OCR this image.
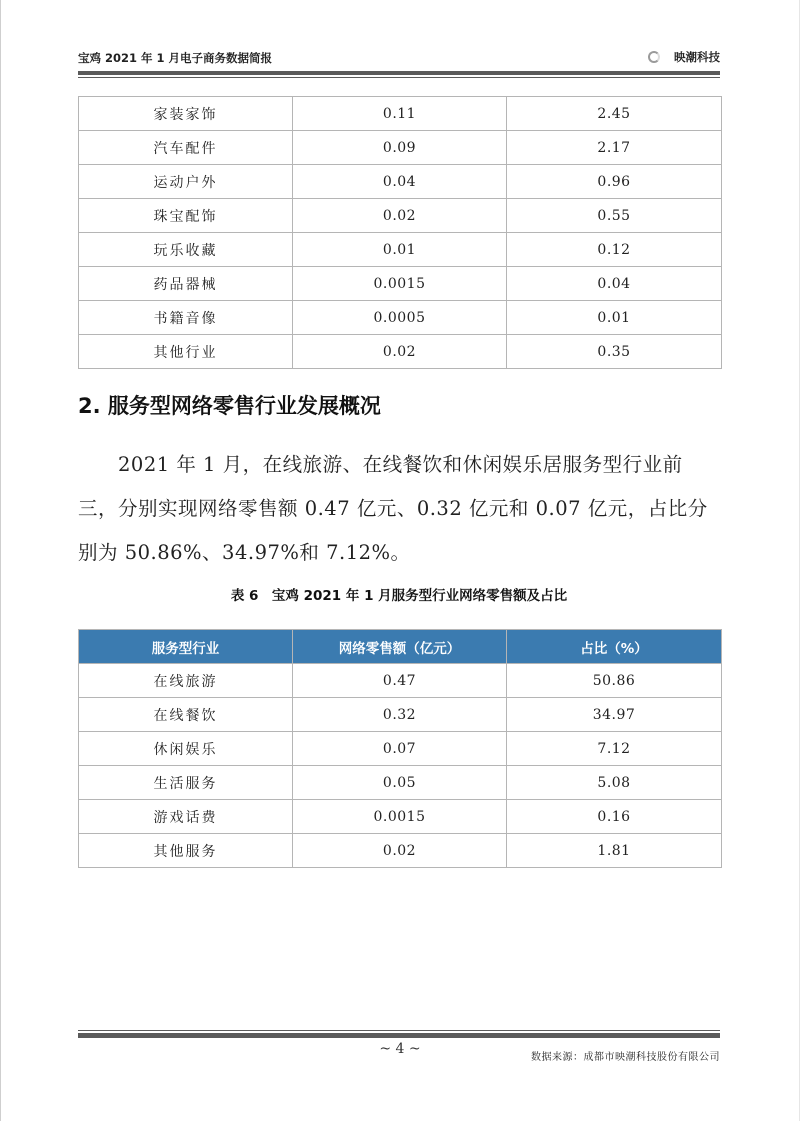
宝鸡 2021 年 1 月电子商务数据简报	映潮科技
家装家饰	0.11	2.45
汽车配件	0.09	2.17
运动户外	0.04	0.96
珠宝配饰	0.02	0.55
玩乐收藏	0.01	0.12
药品器械	0.0015	0.04
书籍音像	0.0005	0.01
其他行业	0.02	0.35
2. 服务型网络零售行业发展概况
2021 年 1 月，在线旅游、在线餐饮和休闲娱乐居服务型行业前三，分别实现网络零售额 0.47 亿元、0.32 亿元和 0.07 亿元，占比分别为 50.86%、34.97%和 7.12%。
表 6　宝鸡 2021 年 1 月服务型行业网络零售额及占比
服务型行业	网络零售额（亿元）	占比（%）
在线旅游	0.47	50.86
在线餐饮	0.32	34.97
休闲娱乐	0.07	7.12
生活服务	0.05	5.08
游戏话费	0.0015	0.16
其他服务	0.02	1.81
~ 4 ~
数据来源：成都市映潮科技股份有限公司
